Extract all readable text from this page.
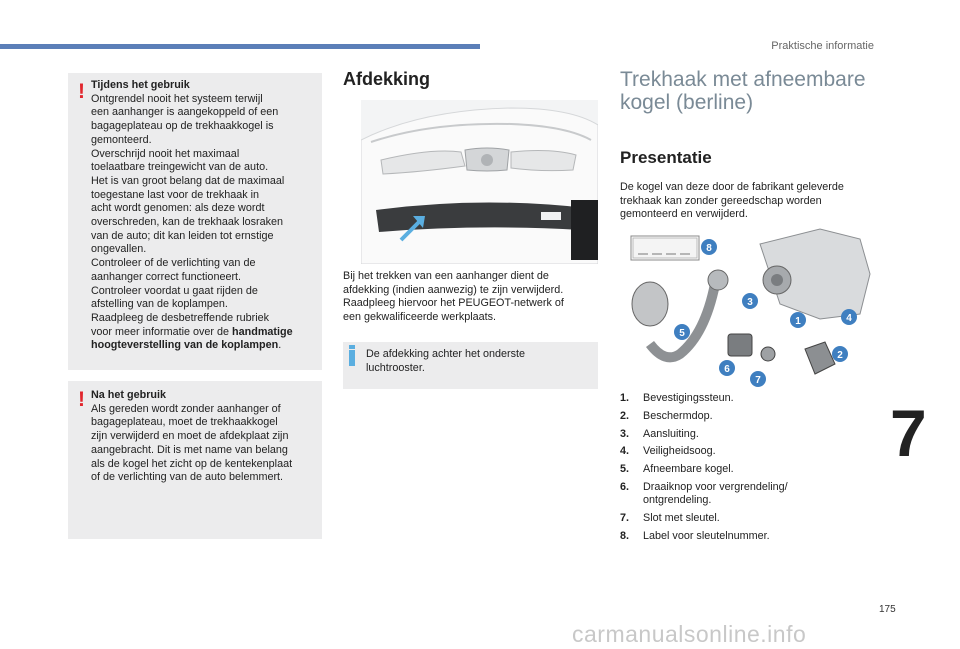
Praktische informatie
! Tijdens het gebruik
Ontgrendel nooit het systeem terwijl
een aanhanger is aangekoppeld of een
bagageplateau op de trekhaakkogel is
gemonteerd.
Overschrijd nooit het maximaal
toelaatbare treingewicht van de auto.
Het is van groot belang dat de maximaal
toegestane last voor de trekhaak in
acht wordt genomen: als deze wordt
overschreden, kan de trekhaak losraken
van de auto; dit kan leiden tot ernstige
ongevallen.
Controleer of de verlichting van de
aanhanger correct functioneert.
Controleer voordat u gaat rijden de
afstelling van de koplampen.
Raadpleeg de desbetreffende rubriek
voor meer informatie over de handmatige
hoogteverstelling van de koplampen.
! Na het gebruik
Als gereden wordt zonder aanhanger of
bagageplateau, moet de trekhaakkogel
zijn verwijderd en moet de afdekplaat zijn
aangebracht. Dit is met name van belang
als de kogel het zicht op de kentekenplaat
of de verlichting van de auto belemmert.
Afdekking
Bij het trekken van een aanhanger dient de
afdekking (indien aanwezig) te zijn verwijderd.
Raadpleeg hiervoor het PEUGEOT-netwerk of
een gekwalificeerde werkplaats.
De afdekking achter het onderste
luchtrooster.
Trekhaak met afneembare
kogel (berline)
Presentatie
De kogel van deze door de fabrikant geleverde
trekhaak kan zonder gereedschap worden
gemonteerd en verwijderd.
1
2
3
4
5
6
7
8
1. Bevestigingssteun.
2. Beschermdop.
3. Aansluiting.
4. Veiligheidsoog.
5. Afneembare kogel.
6. Draaiknop voor vergrendeling/
ontgrendeling.
7. Slot met sleutel.
8. Label voor sleutelnummer.
7
175
carmanualsonline.info
